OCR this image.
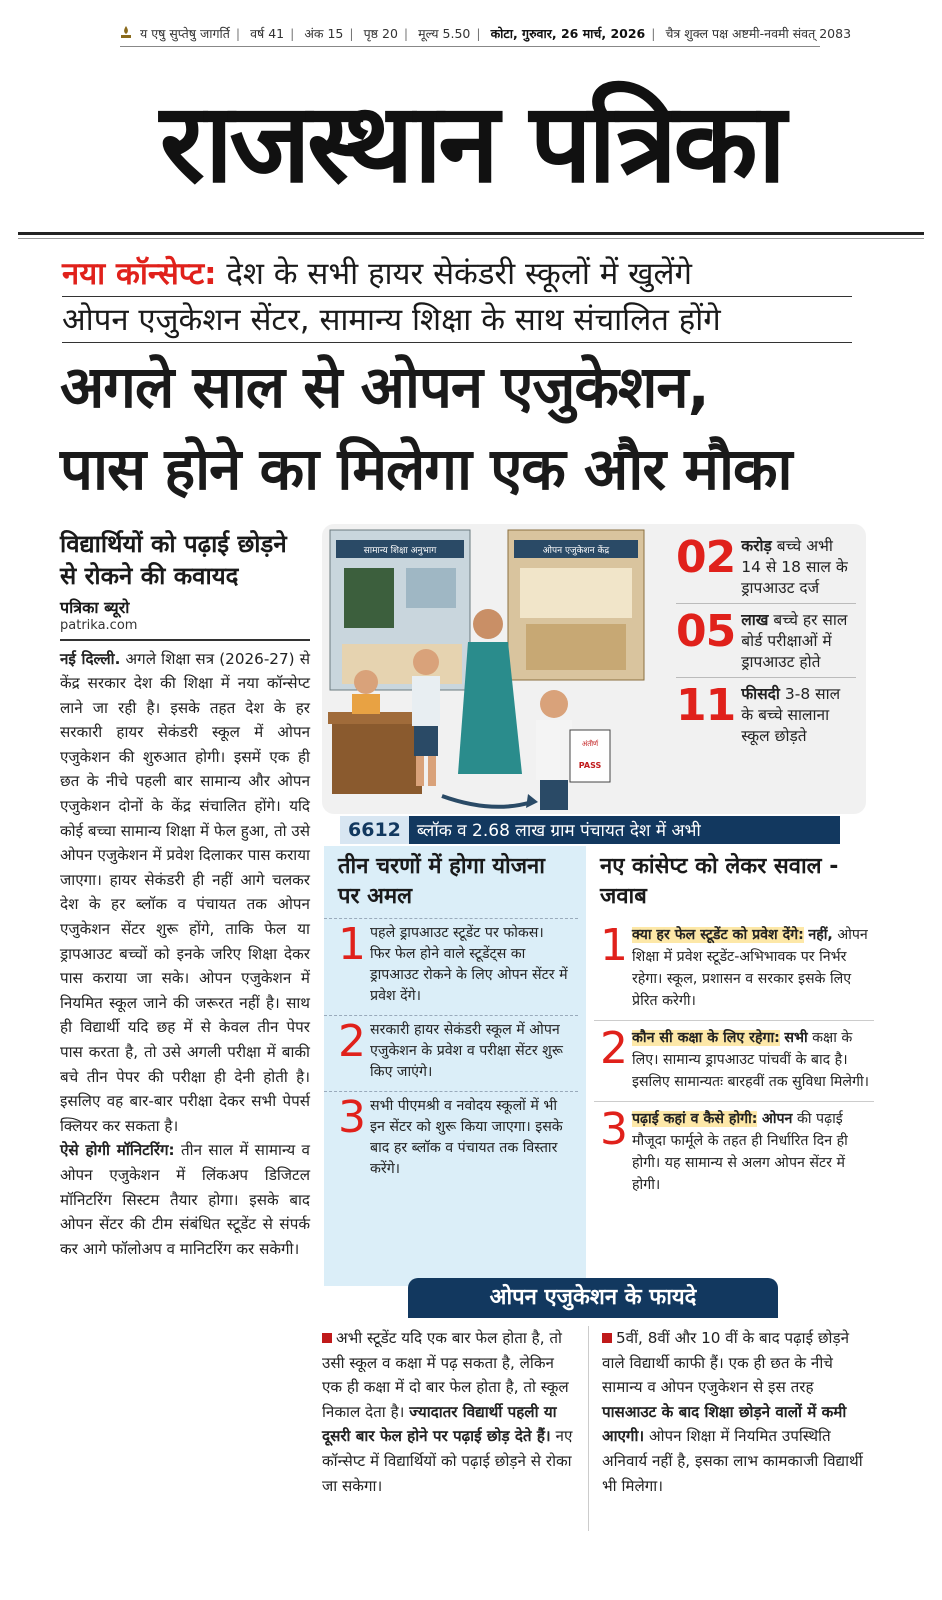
य एषु सुप्तेषु जागर्ति | वर्ष 41 | अंक 15 | पृष्ठ 20 | मूल्य 5.50 | कोटा, गुरुवार, 26 मार्च, 2026 | चैत्र शुक्ल पक्ष अष्टमी-नवमी संवत् 2083
राजस्थान पत्रिका
नया कॉन्सेप्ट: देश के सभी हायर सेकंडरी स्कूलों में खुलेंगे
ओपन एजुकेशन सेंटर, सामान्य शिक्षा के साथ संचालित होंगे
अगले साल से ओपन एजुकेशन,
पास होने का मिलेगा एक और मौका
विद्यार्थियों को पढ़ाई छोड़ने से रोकने की कवायद
पत्रिका ब्यूरो
patrika.com

नई दिल्ली. अगले शिक्षा सत्र (2026-27) से केंद्र सरकार देश की शिक्षा में नया कॉन्सेप्ट लाने जा रही है। इसके तहत देश के हर सरकारी हायर सेकंडरी स्कूल में ओपन एजुकेशन की शुरुआत होगी। इसमें एक ही छत के नीचे पहली बार सामान्य और ओपन एजुकेशन दोनों के केंद्र संचालित होंगे। यदि कोई बच्चा सामान्य शिक्षा में फेल हुआ, तो उसे ओपन एजुकेशन में प्रवेश दिलाकर पास कराया जाएगा। हायर सेकंडरी ही नहीं आगे चलकर देश के हर ब्लॉक व पंचायत तक ओपन एजुकेशन सेंटर शुरू होंगे, ताकि फेल या ड्रापआउट बच्चों को इनके जरिए शिक्षा देकर पास कराया जा सके। ओपन एजुकेशन में नियमित स्कूल जाने की जरूरत नहीं है। साथ ही विद्यार्थी यदि छह में से केवल तीन पेपर पास करता है, तो उसे अगली परीक्षा में बाकी बचे तीन पेपर की परीक्षा ही देनी होती है। इसलिए वह बार-बार परीक्षा देकर सभी पेपर्स क्लियर कर सकता है।

ऐसे होगी मॉनिटरिंग: तीन साल में सामान्य व ओपन एजुकेशन में लिंकअप डिजिटल मॉनिटरिंग सिस्टम तैयार होगा। इसके बाद ओपन सेंटर की टीम संबंधित स्टूडेंट से संपर्क कर आगे फॉलोअप व मानिटरिंग कर सकेगी।

सामान्य शिक्षा अनुभाग	ओपन एजुकेशन केंद्र
अंतीर्ण
PASS
02 करोड़ बच्चे अभी 14 से 18 साल के ड्रापआउट दर्ज
05 लाख बच्चे हर साल बोर्ड परीक्षाओं में ड्रापआउट होते
11 फीसदी 3-8 साल के बच्चे सालाना स्कूल छोड़ते
6612 ब्लॉक व 2.68 लाख ग्राम पंचायत देश में अभी
तीन चरणों में होगा योजना पर अमल
1 पहले ड्रापआउट स्टूडेंट पर फोकस। फिर फेल होने वाले स्टूडेंट्स का ड्रापआउट रोकने के लिए ओपन सेंटर में प्रवेश देंगे।
2 सरकारी हायर सेकंडरी स्कूल में ओपन एजुकेशन के प्रवेश व परीक्षा सेंटर शुरू किए जाएंगे।
3 सभी पीएमश्री व नवोदय स्कूलों में भी इन सेंटर को शुरू किया जाएगा। इसके बाद हर ब्लॉक व पंचायत तक विस्तार करेंगे।
नए कांसेप्ट को लेकर सवाल - जवाब
1 क्या हर फेल स्टूडेंट को प्रवेश देंगे: नहीं, ओपन शिक्षा में प्रवेश स्टूडेंट-अभिभावक पर निर्भर रहेगा। स्कूल, प्रशासन व सरकार इसके लिए प्रेरित करेगी।
2 कौन सी कक्षा के लिए रहेगा: सभी कक्षा के लिए। सामान्य ड्रापआउट पांचवीं के बाद है। इसलिए सामान्यतः बारहवीं तक सुविधा मिलेगी।
3 पढ़ाई कहां व कैसे होगी: ओपन की पढ़ाई मौजूदा फार्मूले के तहत ही निर्धारित दिन ही होगी। यह सामान्य से अलग ओपन सेंटर में होगी।
ओपन एजुकेशन के फायदे
अभी स्टूडेंट यदि एक बार फेल होता है, तो उसी स्कूल व कक्षा में पढ़ सकता है, लेकिन एक ही कक्षा में दो बार फेल होता है, तो स्कूल निकाल देता है। ज्यादातर विद्यार्थी पहली या दूसरी बार फेल होने पर पढ़ाई छोड़ देते हैं। नए कॉन्सेप्ट में विद्यार्थियों को पढ़ाई छोड़ने से रोका जा सकेगा।
5वीं, 8वीं और 10 वीं के बाद पढ़ाई छोड़ने वाले विद्यार्थी काफी हैं। एक ही छत के नीचे सामान्य व ओपन एजुकेशन से इस तरह पासआउट के बाद शिक्षा छोड़ने वालों में कमी आएगी। ओपन शिक्षा में नियमित उपस्थिति अनिवार्य नहीं है, इसका लाभ कामकाजी विद्यार्थी भी मिलेगा।
